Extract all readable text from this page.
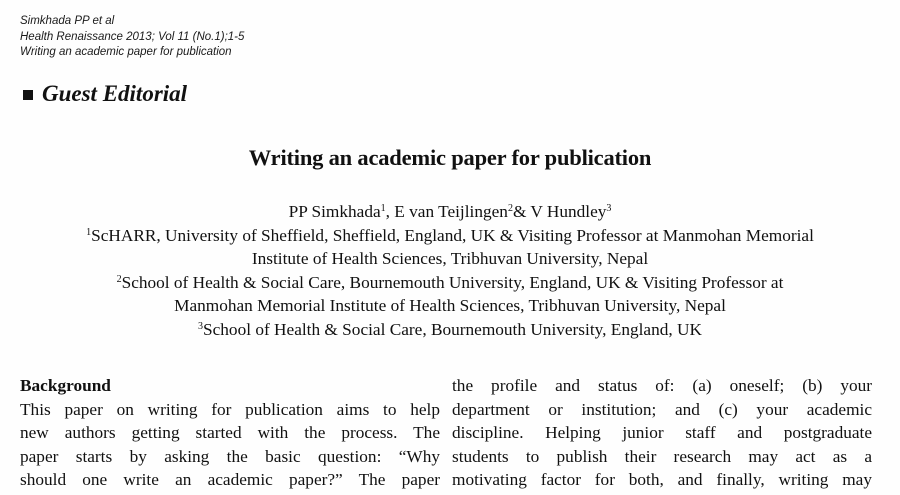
Simkhada PP et al
Health Renaissance 2013; Vol 11 (No.1);1-5
Writing an academic paper for publication
Guest Editorial
Writing an academic paper for publication
PP Simkhada$^1$, E van Teijlingen$^2$& V Hundley$^3$
$^1$ScHARR, University of Sheffield, Sheffield, England, UK & Visiting Professor at Manmohan Memorial
Institute of Health Sciences, Tribhuvan University, Nepal
$^2$School of Health & Social Care, Bournemouth University, England, UK & Visiting Professor at
Manmohan Memorial Institute of Health Sciences, Tribhuvan University, Nepal
$^3$School of Health & Social Care, Bournemouth University, England, UK
Background
This paper on writing for publication aims to help
new authors getting started with the process. The
paper starts by asking the basic question: “Why
should one write an academic paper?” The paper
the profile and status of: (a) oneself; (b) your
department or institution; and (c) your academic
discipline. Helping junior staff and postgraduate
students to publish their research may act as a
motivating factor for both, and finally, writing may
